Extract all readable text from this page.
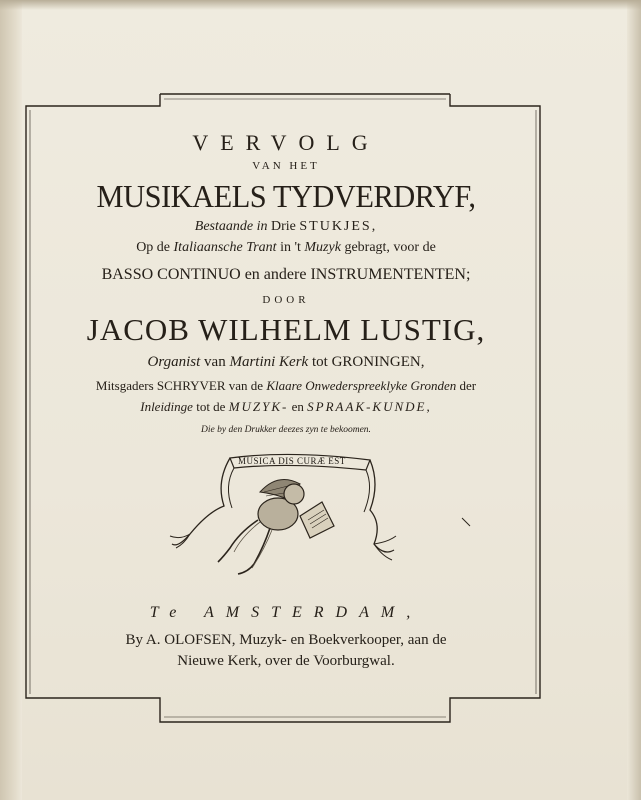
VERVOLG
VAN HET
MUSIKAELS TYDVERDRYF,
Bestaande in Drie STUKJES,
Op de Italiaansche Trant in 't Muzyk gebragt, voor de
BASSO CONTINUO en andere INSTRUMENTENTEN;
DOOR
JACOB WILHELM LUSTIG,
Organist van Martini Kerk tot GRONINGEN,
Mitsgaders SCHRYVER van de Klaare Onwederspreeklyke Gronden der
Inleidinge tot de MUZYK- en SPRAAK-KUNDE,
Die by den Drukker deezes zyn te bekoomen.
Te AMSTERDAM,
By A. OLOFSEN, Muzyk- en Boekverkooper, aan de
Nieuwe Kerk, over de Voorburgwal.
MUSICA DIS CURÆ EST
